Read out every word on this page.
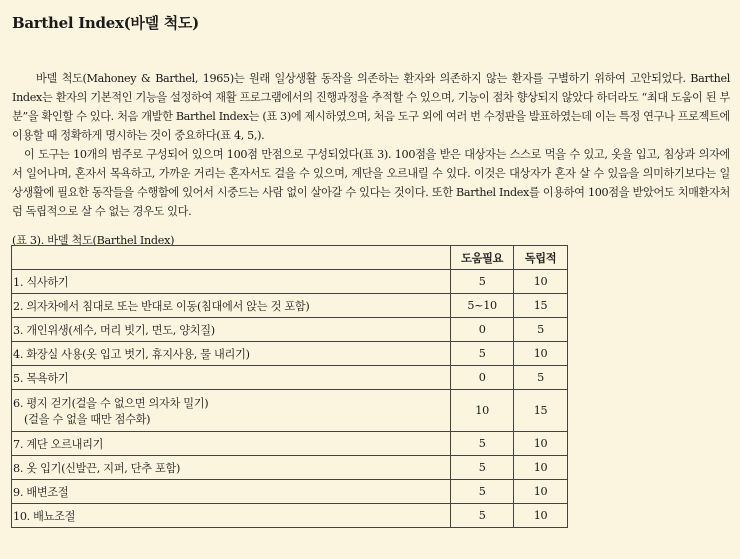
Barthel Index(바델 척도)

바델 척도(Mahoney & Barthel, 1965)는 원래 일상생활 동작을 의존하는 환자와 의존하지 않는 환자를 구별하기 위하여 고안되었다. Barthel Index는 환자의 기본적인 기능을 설정하여 재활 프로그램에서의 진행과정을 추적할 수 있으며, 기능이 점차 향상되지 않았다 하더라도 “최대 도움이 된 부분”을 확인할 수 있다. 처음 개발한 Barthel Index는 (표 3)에 제시하였으며, 처음 도구 외에 여러 번 수정판을 발표하였는데 이는 특정 연구나 프로젝트에 이용할 때 정확하게 명시하는 것이 중요하다(표 4, 5,).

이 도구는 10개의 범주로 구성되어 있으며 100점 만점으로 구성되었다(표 3). 100점을 받은 대상자는 스스로 먹을 수 있고, 옷을 입고, 침상과 의자에서 일어나며, 혼자서 목욕하고, 가까운 거리는 혼자서도 걸을 수 있으며, 계단을 오르내릴 수 있다. 이것은 대상자가 혼자 살 수 있음을 의미하기보다는 일상생활에 필요한 동작들을 수행함에 있어서 시중드는 사람 없이 살아갈 수 있다는 것이다. 또한 Barthel Index를 이용하여 100점을 받았어도 치매환자처럼 독립적으로 살 수 없는 경우도 있다.

(표 3). 바델 척도(Barthel Index)
	도움필요	독립적
1. 식사하기	5	10
2. 의자차에서 침대로 또는 반대로 이동(침대에서 앉는 것 포함)	5~10	15
3. 개인위생(세수, 머리 빗기, 면도, 양치질)	0	5
4. 화장실 사용(옷 입고 벗기, 휴지사용, 물 내리기)	5	10
5. 목욕하기	0	5

6. 평지 걷기(걸을 수 없으면 의자차 밀기)
(걸을 수 없을 때만 점수화)	10	15
7. 계단 오르내리기	5	10
8. 옷 입기(신발끈, 지퍼, 단추 포함)	5	10
9. 배변조절	5	10
10. 배뇨조절	5	10
